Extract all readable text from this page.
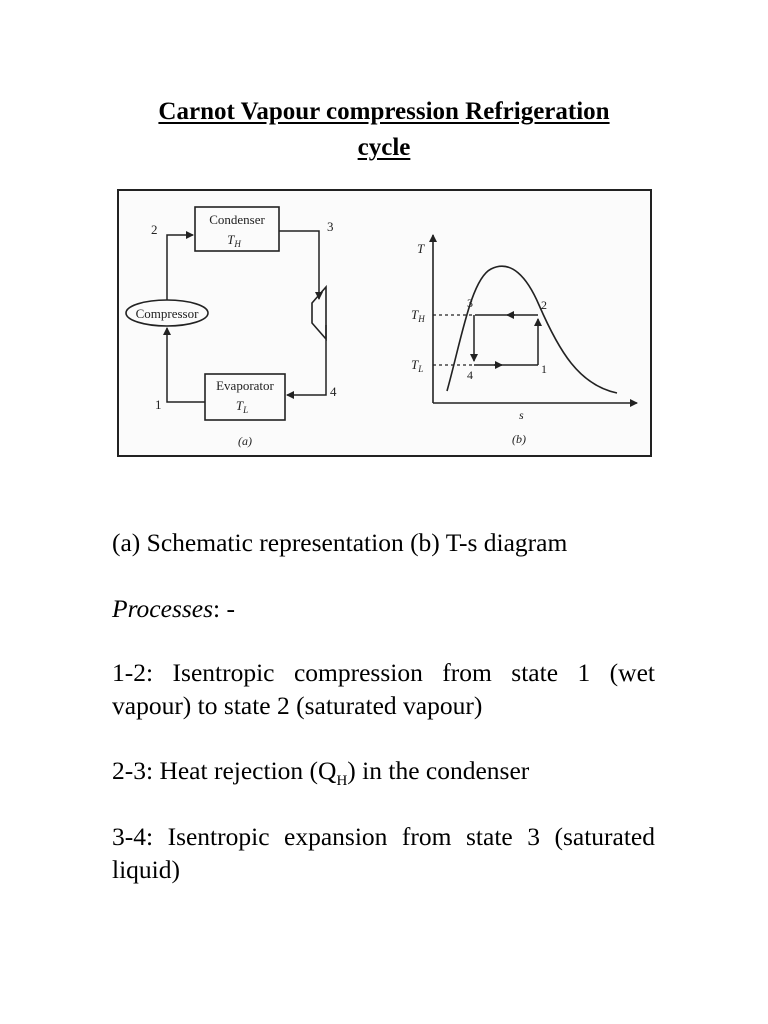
Carnot Vapour compression Refrigeration
cycle
Condenser
$T_H$
Evaporator
$T_L$
Compressor
2	3
4
1
(a)
T
s
$T_H$
$T_L$
3	2
4	1
(b)
(a) Schematic representation (b) T-s diagram
Processes: -
1-2: Isentropic compression from state 1 (wet vapour) to state 2 (saturated vapour)
2-3: Heat rejection $(Q_H)$ in the condenser
3-4: Isentropic expansion from state 3 (saturated liquid)
